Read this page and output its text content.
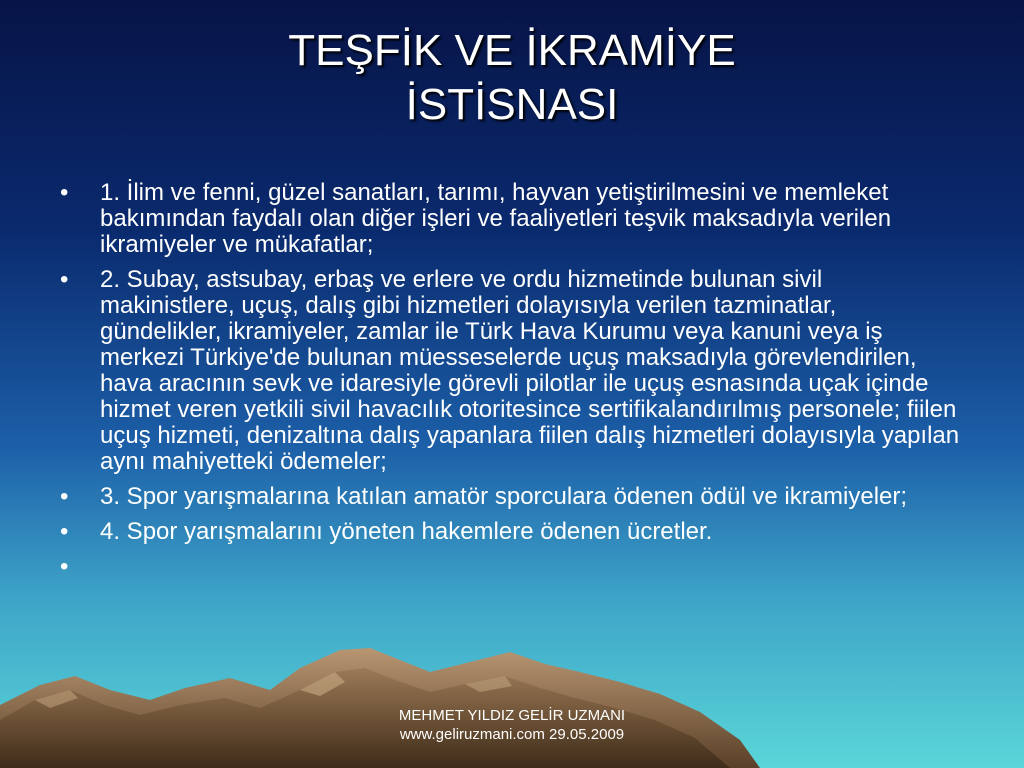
TEŞFİK VE İKRAMİYE
İSTİSNASI
•	1. İlim ve fenni, güzel sanatları, tarımı, hayvan yetiştirilmesini ve memleket bakımından faydalı olan diğer işleri ve faaliyetleri teşvik maksadıyla verilen ikramiyeler ve mükafatlar;
•	2. Subay, astsubay, erbaş ve erlere ve ordu hizmetinde bulunan sivil makinistlere, uçuş, dalış gibi hizmetleri dolayısıyla verilen tazminatlar, gündelikler, ikramiyeler, zamlar ile Türk Hava Kurumu veya kanuni veya iş merkezi Türkiye'de bulunan müesseselerde uçuş maksadıyla görevlendirilen, hava aracının sevk ve idaresiyle görevli pilotlar ile uçuş esnasında uçak içinde hizmet veren yetkili sivil havacılık otoritesince sertifikalandırılmış personele; fiilen uçuş hizmeti, denizaltına dalış yapanlara fiilen dalış hizmetleri dolayısıyla yapılan aynı mahiyetteki ödemeler;
•	3. Spor yarışmalarına katılan amatör sporculara ödenen ödül ve ikramiyeler;
•	4. Spor yarışmalarını yöneten hakemlere ödenen ücretler.
•
MEHMET YILDIZ GELİR UZMANI
www.geliruzmani.com 29.05.2009
